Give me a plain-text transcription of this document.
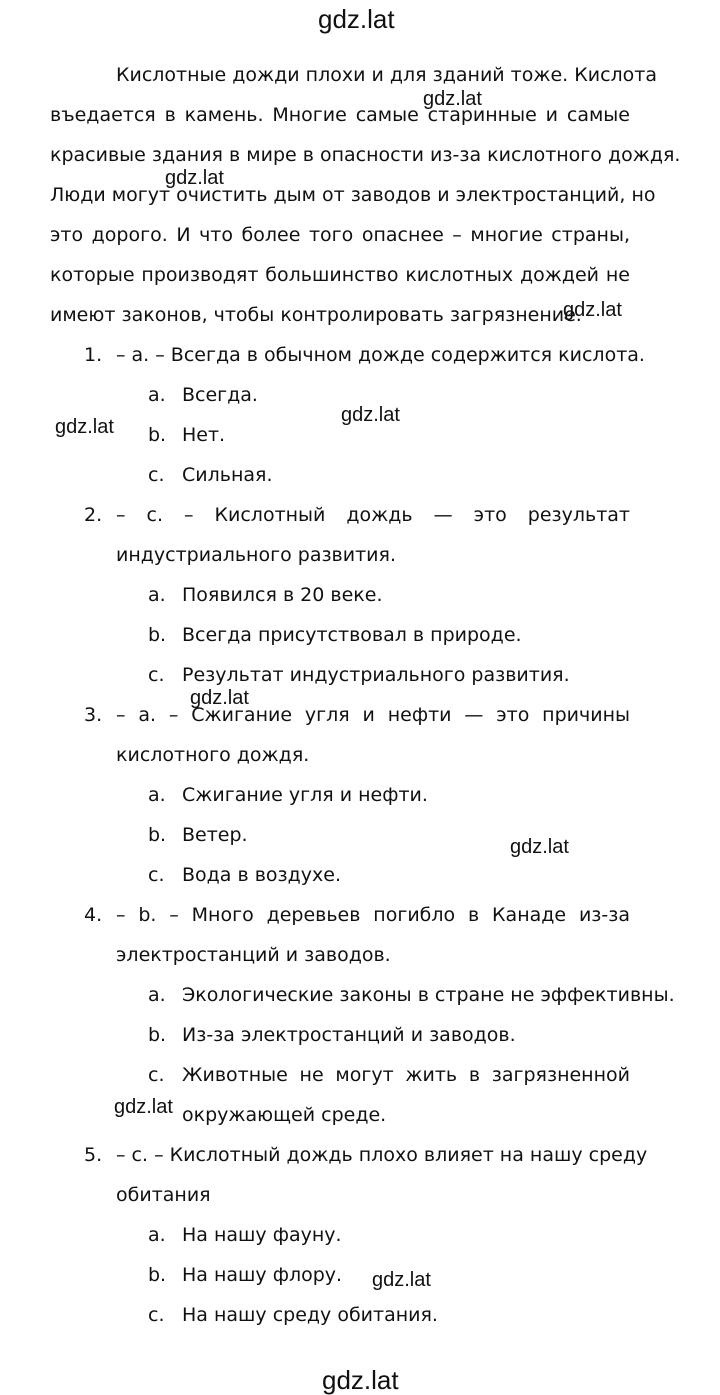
gdz.lat
gdz.lat
gdz.lat
gdz.lat
gdz.lat
gdz.lat
gdz.lat
gdz.lat
gdz.lat
gdz.lat
gdz.lat
Кислотные дожди плохи и для зданий тоже. Кислота
въедается в камень. Многие самые старинные и самые
красивые здания в мире в опасности из-за кислотного дождя.
Люди могут очистить дым от заводов и электростанций, но
это дорого. И что более того опаснее – многие страны,
которые производят большинство кислотных дождей не
имеют законов, чтобы контролировать загрязнение.
1. – а. – Всегда в обычном дожде содержится кислота.
a. Всегда.
b. Нет.
c. Сильная.
2. – c. – Кислотный дождь — это результат
индустриального развития.
a. Появился в 20 веке.
b. Всегда присутствовал в природе.
c. Результат индустриального развития.
3. – a. – Сжигание угля и нефти — это причины
кислотного дождя.
a. Сжигание угля и нефти.
b. Ветер.
c. Вода в воздухе.
4. – b. – Много деревьев погибло в Канаде из-за
электростанций и заводов.
a. Экологические законы в стране не эффективны.
b. Из-за электростанций и заводов.
c. Животные не могут жить в загрязненной
окружающей среде.
5. – c. – Кислотный дождь плохо влияет на нашу среду
обитания
a. На нашу фауну.
b. На нашу флору.
c. На нашу среду обитания.
